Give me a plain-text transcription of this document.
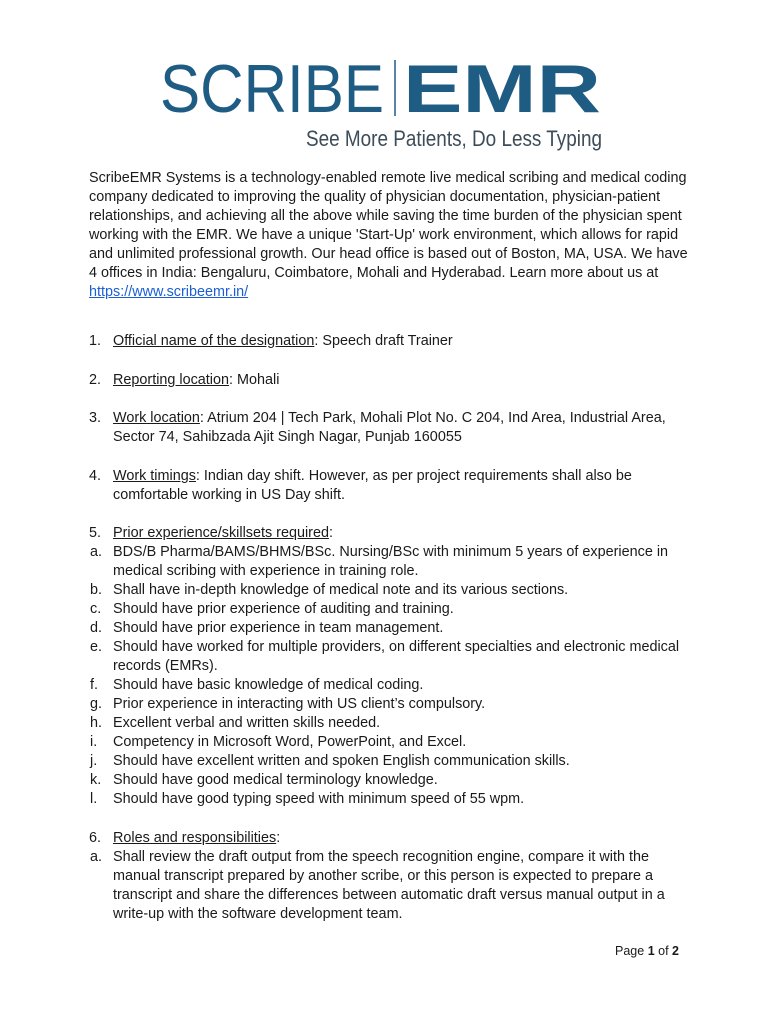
SCRIBE EMR
See More Patients, Do Less Typing

ScribeEMR Systems is a technology-enabled remote live medical scribing and medical coding company dedicated to improving the quality of physician documentation, physician-patient relationships, and achieving all the above while saving the time burden of the physician spent working with the EMR. We have a unique 'Start-Up' work environment, which allows for rapid and unlimited professional growth. Our head office is based out of Boston, MA, USA. We have 4 offices in India: Bengaluru, Coimbatore, Mohali and Hyderabad. Learn more about us at https://www.scribeemr.in/

1. Official name of the designation: Speech draft Trainer
2. Reporting location: Mohali
3. Work location: Atrium 204 | Tech Park, Mohali Plot No. C 204, Ind Area, Industrial Area, Sector 74, Sahibzada Ajit Singh Nagar, Punjab 160055
4. Work timings: Indian day shift. However, as per project requirements shall also be comfortable working in US Day shift.
5. Prior experience/skillsets required:
a. BDS/B Pharma/BAMS/BHMS/BSc. Nursing/BSc with minimum 5 years of experience in medical scribing with experience in training role.
b. Shall have in-depth knowledge of medical note and its various sections.
c. Should have prior experience of auditing and training.
d. Should have prior experience in team management.
e. Should have worked for multiple providers, on different specialties and electronic medical records (EMRs).
f.	Should have basic knowledge of medical coding.
g. Prior experience in interacting with US client’s compulsory.
h. Excellent verbal and written skills needed.
i.	Competency in Microsoft Word, PowerPoint, and Excel.
j.	Should have excellent written and spoken English communication skills.
k. Should have good medical terminology knowledge.
l.	Should have good typing speed with minimum speed of 55 wpm.
6. Roles and responsibilities:
a. Shall review the draft output from the speech recognition engine, compare it with the manual transcript prepared by another scribe, or this person is expected to prepare a transcript and share the differences between automatic draft versus manual output in a write-up with the software development team.
Page 1 of 2
